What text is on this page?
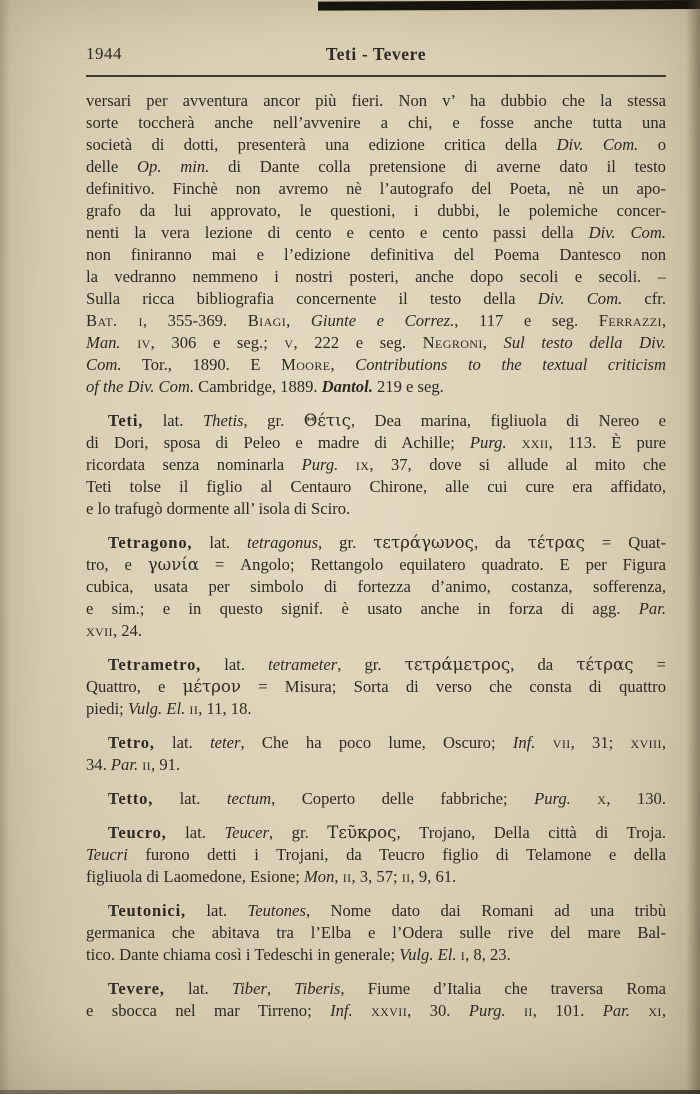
1944	Teti - Tevere
versari per avventura ancor più fieri. Non v’ ha dubbio che la stessa
sorte toccherà anche nell’avvenire a chi, e fosse anche tutta una
società di dotti, presenterà una edizione critica della Div. Com. o
delle Op. min. di Dante colla pretensione di averne dato il testo
definitivo. Finchè non avremo nè l’autografo del Poeta, nè un apo-
grafo da lui approvato, le questioni, i dubbi, le polemiche concer-
nenti la vera lezione di cento e cento e cento passi della Div. Com.
non finiranno mai e l’edizione definitiva del Poema Dantesco non
la vedranno nemmeno i nostri posteri, anche dopo secoli e secoli. –
Sulla ricca bibliografia concernente il testo della Div. Com. cfr.
Bat. i, 355-369. Biagi, Giunte e Correz., 117 e seg. Ferrazzi,
Man. iv, 306 e seg.; v, 222 e seg. Negroni, Sul testo della Div.
Com. Tor., 1890. E Moore, Contributions to the textual criticism
of the Div. Com. Cambridge, 1889. Dantol. 219 e seg.
Teti, lat. Thetis, gr. Θέτις, Dea marina, figliuola di Nereo e
di Dori, sposa di Peleo e madre di Achille; Purg. xxii, 113. È pure
ricordata senza nominarla Purg. ix, 37, dove si allude al mito che
Teti tolse il figlio al Centauro Chirone, alle cui cure era affidato,
e lo trafugò dormente all’ isola di Sciro.
Tetragono, lat. tetragonus, gr. τετράγωνος, da τέτρας = Quat-
tro, e γωνία = Angolo; Rettangolo equilatero quadrato. E per Figura
cubica, usata per simbolo di fortezza d’animo, costanza, sofferenza,
e sim.; e in questo signif. è usato anche in forza di agg. Par.
xvii, 24.
Tetrametro, lat. tetrameter, gr. τετράμετρος, da τέτρας =
Quattro, e μέτρον = Misura; Sorta di verso che consta di quattro
piedi; Vulg. El. ii, 11, 18.
Tetro, lat. teter, Che ha poco lume, Oscuro; Inf. vii, 31; xviii,
34. Par. ii, 91.
Tetto, lat. tectum, Coperto delle fabbriche; Purg. x, 130.
Teucro, lat. Teucer, gr. Τεῦκρος, Trojano, Della città di Troja.
Teucri furono detti i Trojani, da Teucro figlio di Telamone e della
figliuola di Laomedone, Esione; Mon, ii, 3, 57; ii, 9, 61.
Teutonici, lat. Teutones, Nome dato dai Romani ad una tribù
germanica che abitava tra l’Elba e l’Odera sulle rive del mare Bal-
tico. Dante chiama così i Tedeschi in generale; Vulg. El. i, 8, 23.
Tevere, lat. Tiber, Tiberis, Fiume d’Italia che traversa Roma
e sbocca nel mar Tirreno; Inf. xxvii, 30. Purg. ii, 101. Par. xi,
